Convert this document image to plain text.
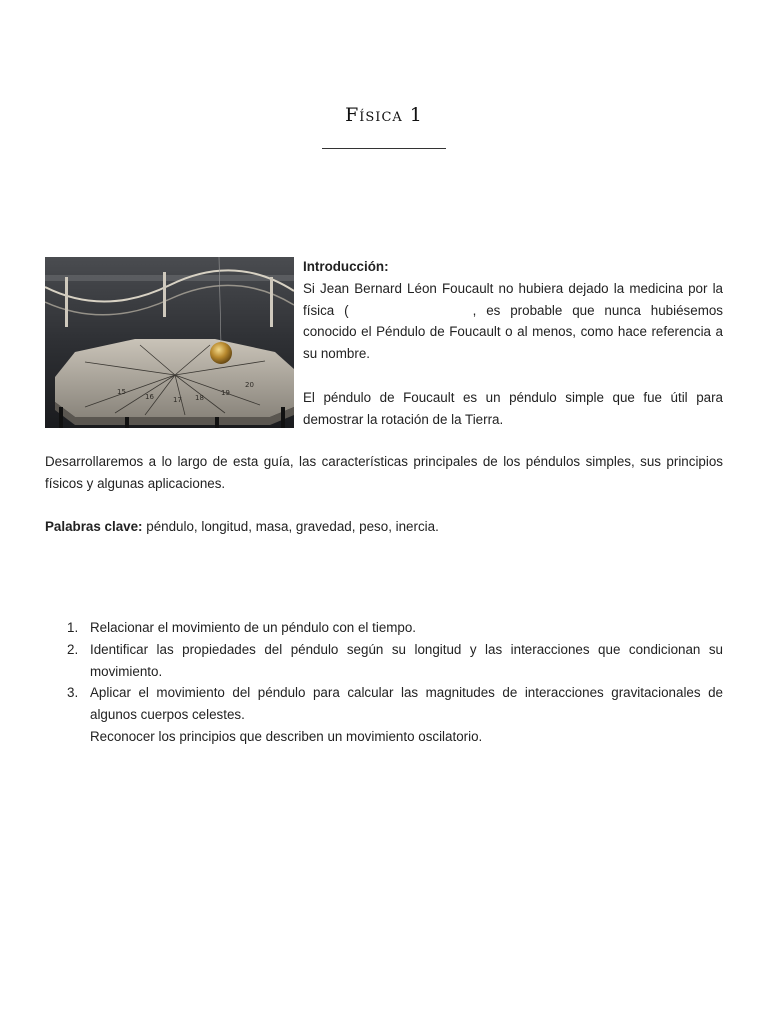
Física 1
15
16	17 18
19
20

Introducción:

Si Jean Bernard Léon Foucault no hubiera dejado la medicina por la física (	, es probable que nunca hubiésemos conocido el Péndulo de Foucault o al menos, como hace referencia a su nombre.

El péndulo de Foucault es un péndulo simple que fue útil para demostrar la rotación de la Tierra.

Desarrollaremos a lo largo de esta guía, las características principales de los péndulos simples, sus principios físicos y algunas aplicaciones.

Palabras clave: péndulo, longitud, masa, gravedad, peso, inercia.

1. Relacionar el movimiento de un péndulo con el tiempo.
2. Identificar las propiedades del péndulo según su longitud y las interacciones que condicionan su movimiento.
3. Aplicar el movimiento del péndulo para calcular las magnitudes de interacciones gravitacionales de algunos cuerpos celestes.
Reconocer los principios que describen un movimiento oscilatorio.
